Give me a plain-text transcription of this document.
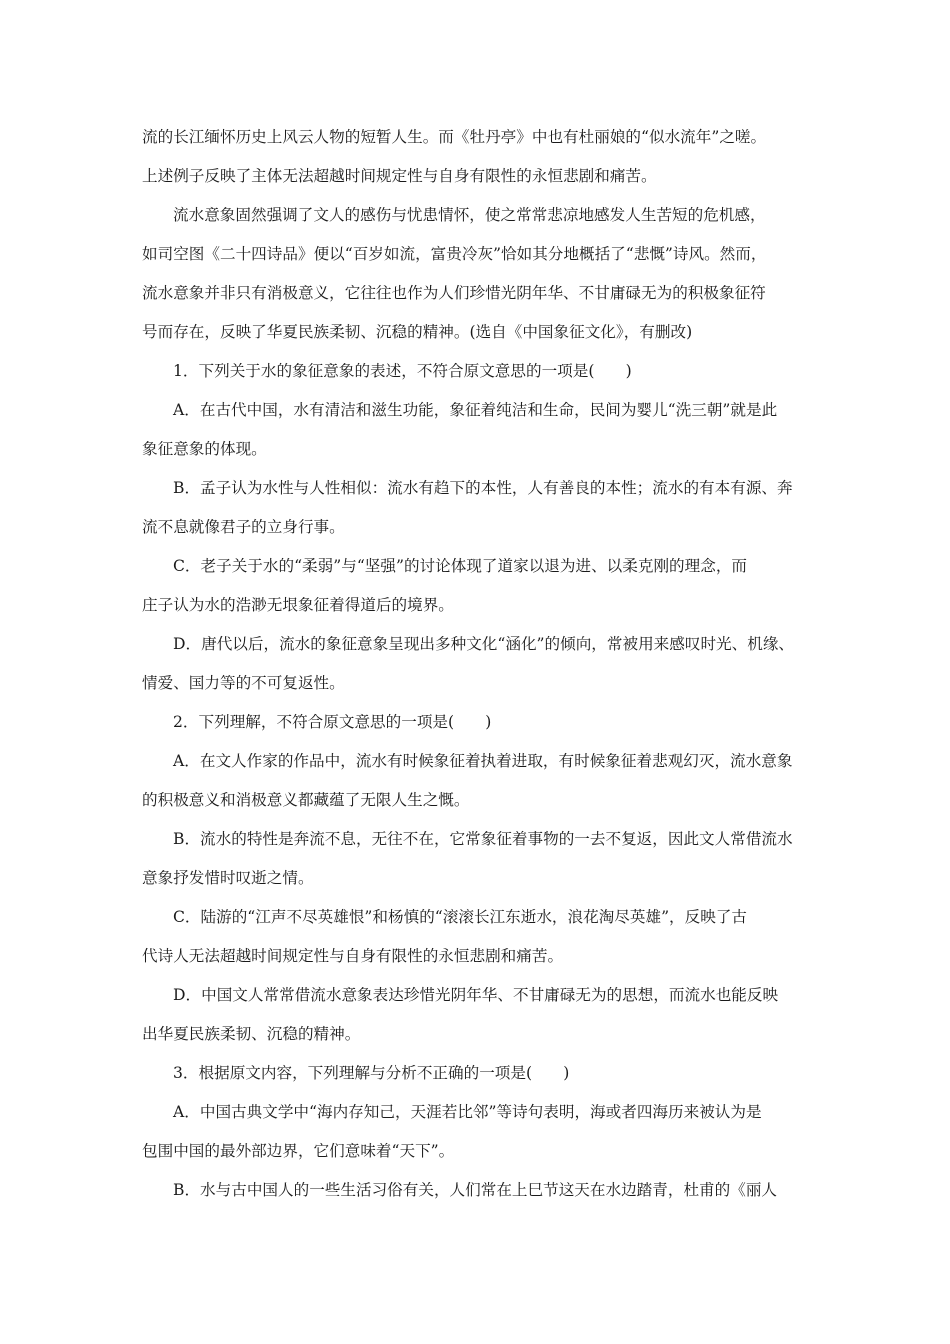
流的长江缅怀历史上风云人物的短暂人生。而《牡丹亭》中也有杜丽娘的“似水流年”之嗟。
上述例子反映了主体无法超越时间规定性与自身有限性的永恒悲剧和痛苦。
流水意象固然强调了文人的感伤与忧患情怀，使之常常悲凉地感发人生苦短的危机感，
如司空图《二十四诗品》便以“百岁如流，富贵冷灰”恰如其分地概括了“悲慨”诗风。然而，
流水意象并非只有消极意义，它往往也作为人们珍惜光阴年华、不甘庸碌无为的积极象征符
号而存在，反映了华夏民族柔韧、沉稳的精神。(选自《中国象征文化》，有删改)
1．下列关于水的象征意象的表述，不符合原文意思的一项是(　　)
A．在古代中国，水有清洁和滋生功能，象征着纯洁和生命，民间为婴儿“洗三朝”就是此
象征意象的体现。
B．孟子认为水性与人性相似：流水有趋下的本性，人有善良的本性；流水的有本有源、奔
流不息就像君子的立身行事。
C．老子关于水的“柔弱”与“坚强”的讨论体现了道家以退为进、以柔克刚的理念，而
庄子认为水的浩渺无垠象征着得道后的境界。
D．唐代以后，流水的象征意象呈现出多种文化“涵化”的倾向，常被用来感叹时光、机缘、
情爱、国力等的不可复返性。
2．下列理解，不符合原文意思的一项是(　　)
A．在文人作家的作品中，流水有时候象征着执着进取，有时候象征着悲观幻灭，流水意象
的积极意义和消极意义都藏蕴了无限人生之慨。
B．流水的特性是奔流不息，无往不在，它常象征着事物的一去不复返，因此文人常借流水
意象抒发惜时叹逝之情。
C．陆游的“江声不尽英雄恨”和杨慎的“滚滚长江东逝水，浪花淘尽英雄”，反映了古
代诗人无法超越时间规定性与自身有限性的永恒悲剧和痛苦。
D．中国文人常常借流水意象表达珍惜光阴年华、不甘庸碌无为的思想，而流水也能反映
出华夏民族柔韧、沉稳的精神。
3．根据原文内容，下列理解与分析不正确的一项是(　　)
A．中国古典文学中“海内存知己，天涯若比邻”等诗句表明，海或者四海历来被认为是
包围中国的最外部边界，它们意味着“天下”。
B．水与古中国人的一些生活习俗有关，人们常在上巳节这天在水边踏青，杜甫的《丽人
